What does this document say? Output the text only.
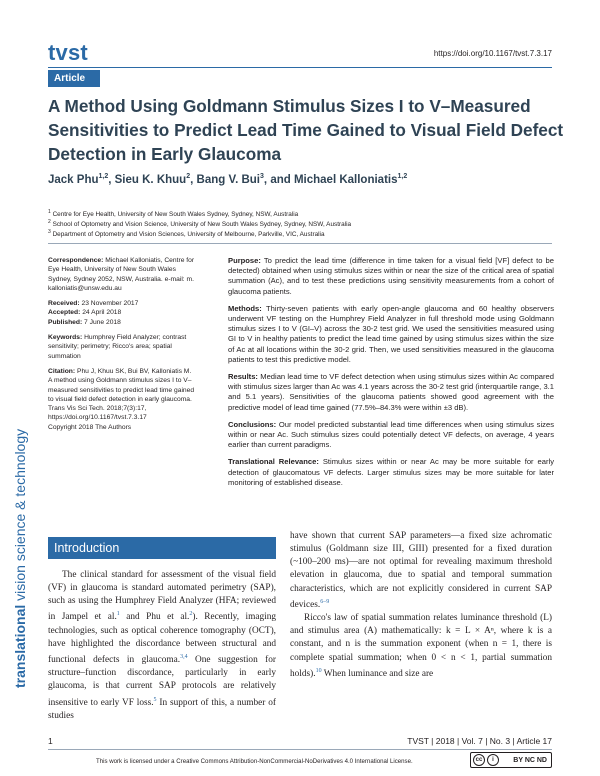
tvst	https://doi.org/10.1167/tvst.7.3.17
Article
A Method Using Goldmann Stimulus Sizes I to V–Measured Sensitivities to Predict Lead Time Gained to Visual Field Defect Detection in Early Glaucoma
Jack Phu$^{1,2}$, Sieu K. Khuu$^2$, Bang V. Bui$^3$, and Michael Kalloniatis$^{1,2}$
$^1$ Centre for Eye Health, University of New South Wales Sydney, Sydney, NSW, Australia
$^2$ School of Optometry and Vision Science, University of New South Wales Sydney, Sydney, NSW, Australia
$^3$ Department of Optometry and Vision Sciences, University of Melbourne, Parkville, VIC, Australia

Correspondence: Michael Kalloniatis, Centre for Eye Health, University of New South Wales Sydney, Sydney 2052, NSW, Australia. e-mail: m. kalloniatis@unsw.edu.au

Received: 23 November 2017

Accepted: 24 April 2018

Published: 7 June 2018

Keywords: Humphrey Field Analyzer; contrast sensitivity; perimetry; Ricco's area; spatial summation

Citation: Phu J, Khuu SK, Bui BV, Kalloniatis M. A method using Goldmann stimulus sizes I to V–measured sensitivities to predict lead time gained to visual field defect detection in early glaucoma. Trans Vis Sci Tech. 2018;7(3):17, https://doi.org/10.1167/tvst.7.3.17

Copyright 2018 The Authors

Purpose: To predict the lead time (difference in time taken for a visual field [VF] defect to be detected) obtained when using stimulus sizes within or near the size of the critical area of spatial summation (Ac), and to test these predictions using sensitivity measurements from a cohort of glaucoma patients.

Methods: Thirty-seven patients with early open-angle glaucoma and 60 healthy observers underwent VF testing on the Humphrey Field Analyzer in full threshold mode using Goldmann stimulus sizes I to V (GI–V) across the 30-2 test grid. We used the sensitivities measured using GI to V in healthy patients to predict the lead time gained by using stimulus sizes within the size of Ac at all locations within the 30-2 grid. Then, we used sensitivities measured in the glaucoma patients to test this predictive model.

Results: Median lead time to VF defect detection when using stimulus sizes within Ac compared with stimulus sizes larger than Ac was 4.1 years across the 30-2 test grid (interquartile range, 3.1 and 5.1 years). Sensitivities of the glaucoma patients showed good agreement with the predictive model of lead time gained (77.5%–84.3% were within ±3 dB).

Conclusions: Our model predicted substantial lead time differences when using stimulus sizes within or near Ac. Such stimulus sizes could potentially detect VF defects, on average, 4 years earlier than current paradigms.

Translational Relevance: Stimulus sizes within or near Ac may be more suitable for early detection of glaucomatous VF defects. Larger stimulus sizes may be more suitable for later monitoring of established disease.

translational vision science & technology	Introduction
The clinical standard for assessment of the visual field (VF) in glaucoma is standard automated perimetry (SAP), such as using the Humphrey Field Analyzer (HFA; reviewed in Jampel et al.$^1$ and Phu et al.$^2$). Recently, imaging technologies, such as optical coherence tomography (OCT), have highlighted the discordance between structural and functional defects in glaucoma.$^{3,4}$ One suggestion for structure–function discordance, particularly in early glaucoma, is that current SAP protocols are relatively insensitive to early VF loss.$^5$ In support of this, a number of studies

have shown that current SAP parameters—a fixed size achromatic stimulus (Goldmann size III, GIII) presented for a fixed duration (~100–200 ms)—are not optimal for revealing maximum threshold elevation in glaucoma, due to spatial and temporal summation characteristics, which are not explicitly considered in current SAP devices.$^{6-9}$

Ricco's law of spatial summation relates luminance threshold (L) and stimulus area (A) mathematically: k = L × Aⁿ, where k is a constant, and n is the summation exponent (when n = 1, there is complete spatial summation; when 0 < n < 1, partial summation holds).$^{10}$ When luminance and size are

1	TVST | 2018 | Vol. 7 | No. 3 | Article 17
This work is licensed under a Creative Commons Attribution-NonCommercial-NoDerivatives 4.0 International License.	cc	i	BY NC ND
